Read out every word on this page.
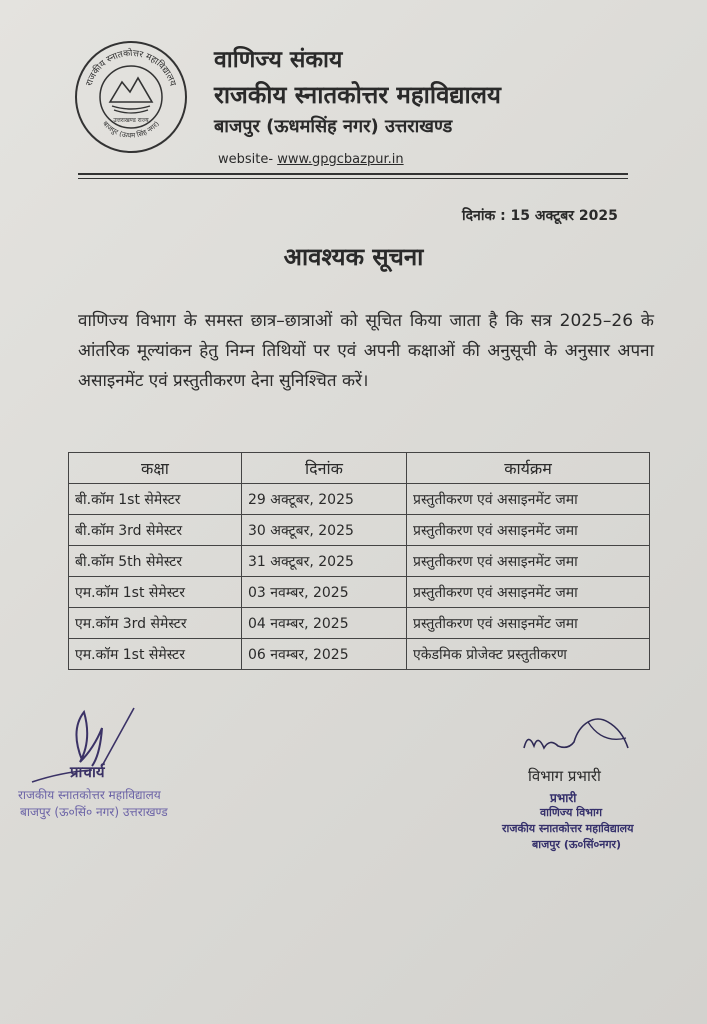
राजकीय स्नातकोत्तर महाविद्यालय
बाजपुर (ऊधम सिंह नगर)
उत्तराखण्ड राज्य
वाणिज्य संकाय
राजकीय स्नातकोत्तर महाविद्यालय
बाजपुर (ऊधमसिंह नगर) उत्तराखण्ड
website- www.gpgcbazpur.in
दिनांक : 15 अक्टूबर 2025
आवश्यक सूचना
वाणिज्य विभाग के समस्त छात्र–छात्राओं को सूचित किया जाता है कि सत्र 2025–26 के आंतरिक मूल्यांकन हेतु निम्न तिथियों पर एवं अपनी कक्षाओं की अनुसूची के अनुसार अपना असाइनमेंट एवं प्रस्तुतीकरण देना सुनिश्चित करें।
कक्षा	दिनांक	कार्यक्रम
बी.कॉम 1st सेमेस्टर	29 अक्टूबर, 2025	प्रस्तुतीकरण एवं असाइनमेंट जमा
बी.कॉम 3rd सेमेस्टर	30 अक्टूबर, 2025	प्रस्तुतीकरण एवं असाइनमेंट जमा
बी.कॉम 5th सेमेस्टर	31 अक्टूबर, 2025	प्रस्तुतीकरण एवं असाइनमेंट जमा
एम.कॉम 1st सेमेस्टर	03 नवम्बर, 2025	प्रस्तुतीकरण एवं असाइनमेंट जमा
एम.कॉम 3rd सेमेस्टर	04 नवम्बर, 2025	प्रस्तुतीकरण एवं असाइनमेंट जमा
एम.कॉम 1st सेमेस्टर	06 नवम्बर, 2025	एकेडमिक प्रोजेक्ट प्रस्तुतीकरण
प्राचार्य
राजकीय स्नातकोत्तर महाविद्यालय
बाजपुर (ऊ०सिं० नगर) उत्तराखण्ड
विभाग प्रभारी
प्रभारी
वाणिज्य विभाग
राजकीय स्नातकोत्तर महाविद्यालय
बाजपुर (ऊ०सिं०नगर)
